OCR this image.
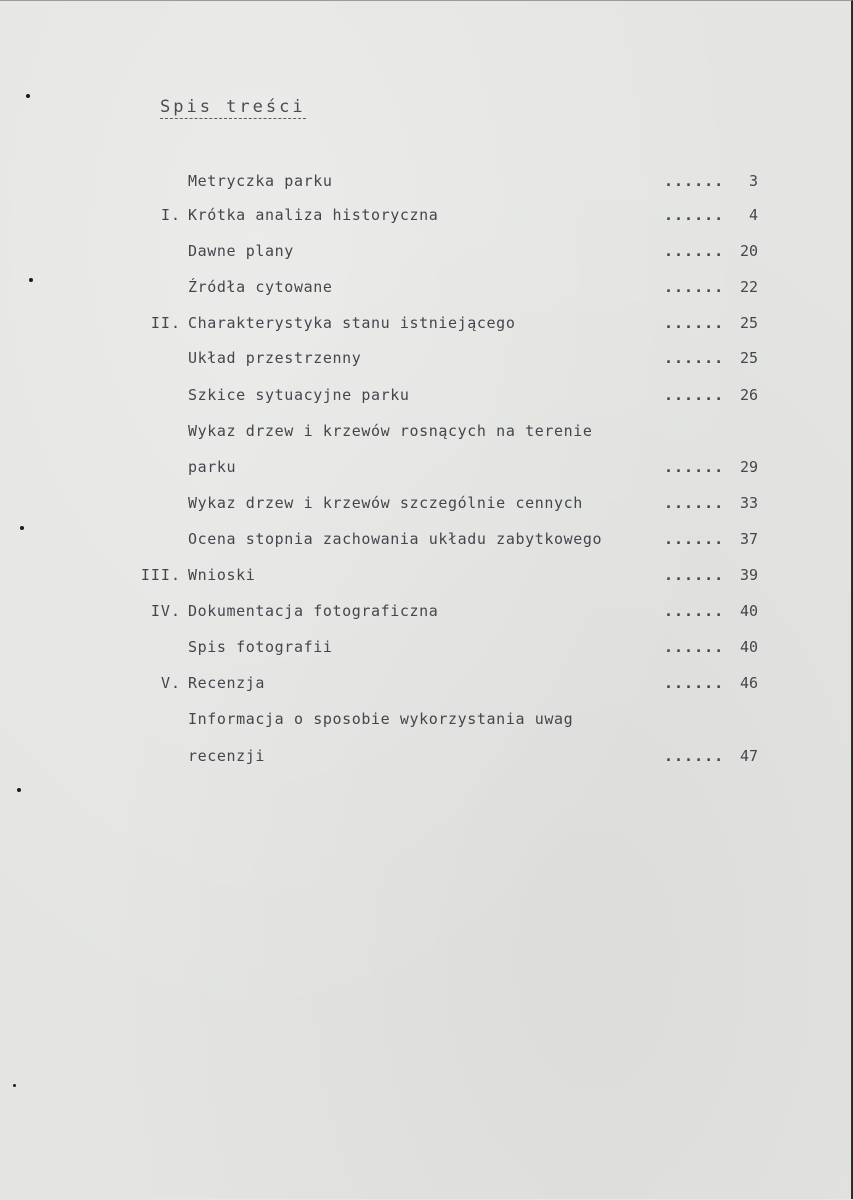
Spis treści
Metryczka parku	......	3
I. Krótka analiza historyczna	......	4
Dawne plany	......	20
Źródła cytowane	......	22
II. Charakterystyka stanu istniejącego	......	25
Układ przestrzenny	......	25
Szkice sytuacyjne parku	......	26
Wykaz drzew i krzewów rosnących na terenie
parku	......	29
Wykaz drzew i krzewów szczególnie cennych	......	33
Ocena stopnia zachowania układu zabytkowego	......	37
III. Wnioski	......	39
IV. Dokumentacja fotograficzna	......	40
Spis fotografii	......	40
V. Recenzja	......	46
Informacja o sposobie wykorzystania uwag
recenzji	......	47
